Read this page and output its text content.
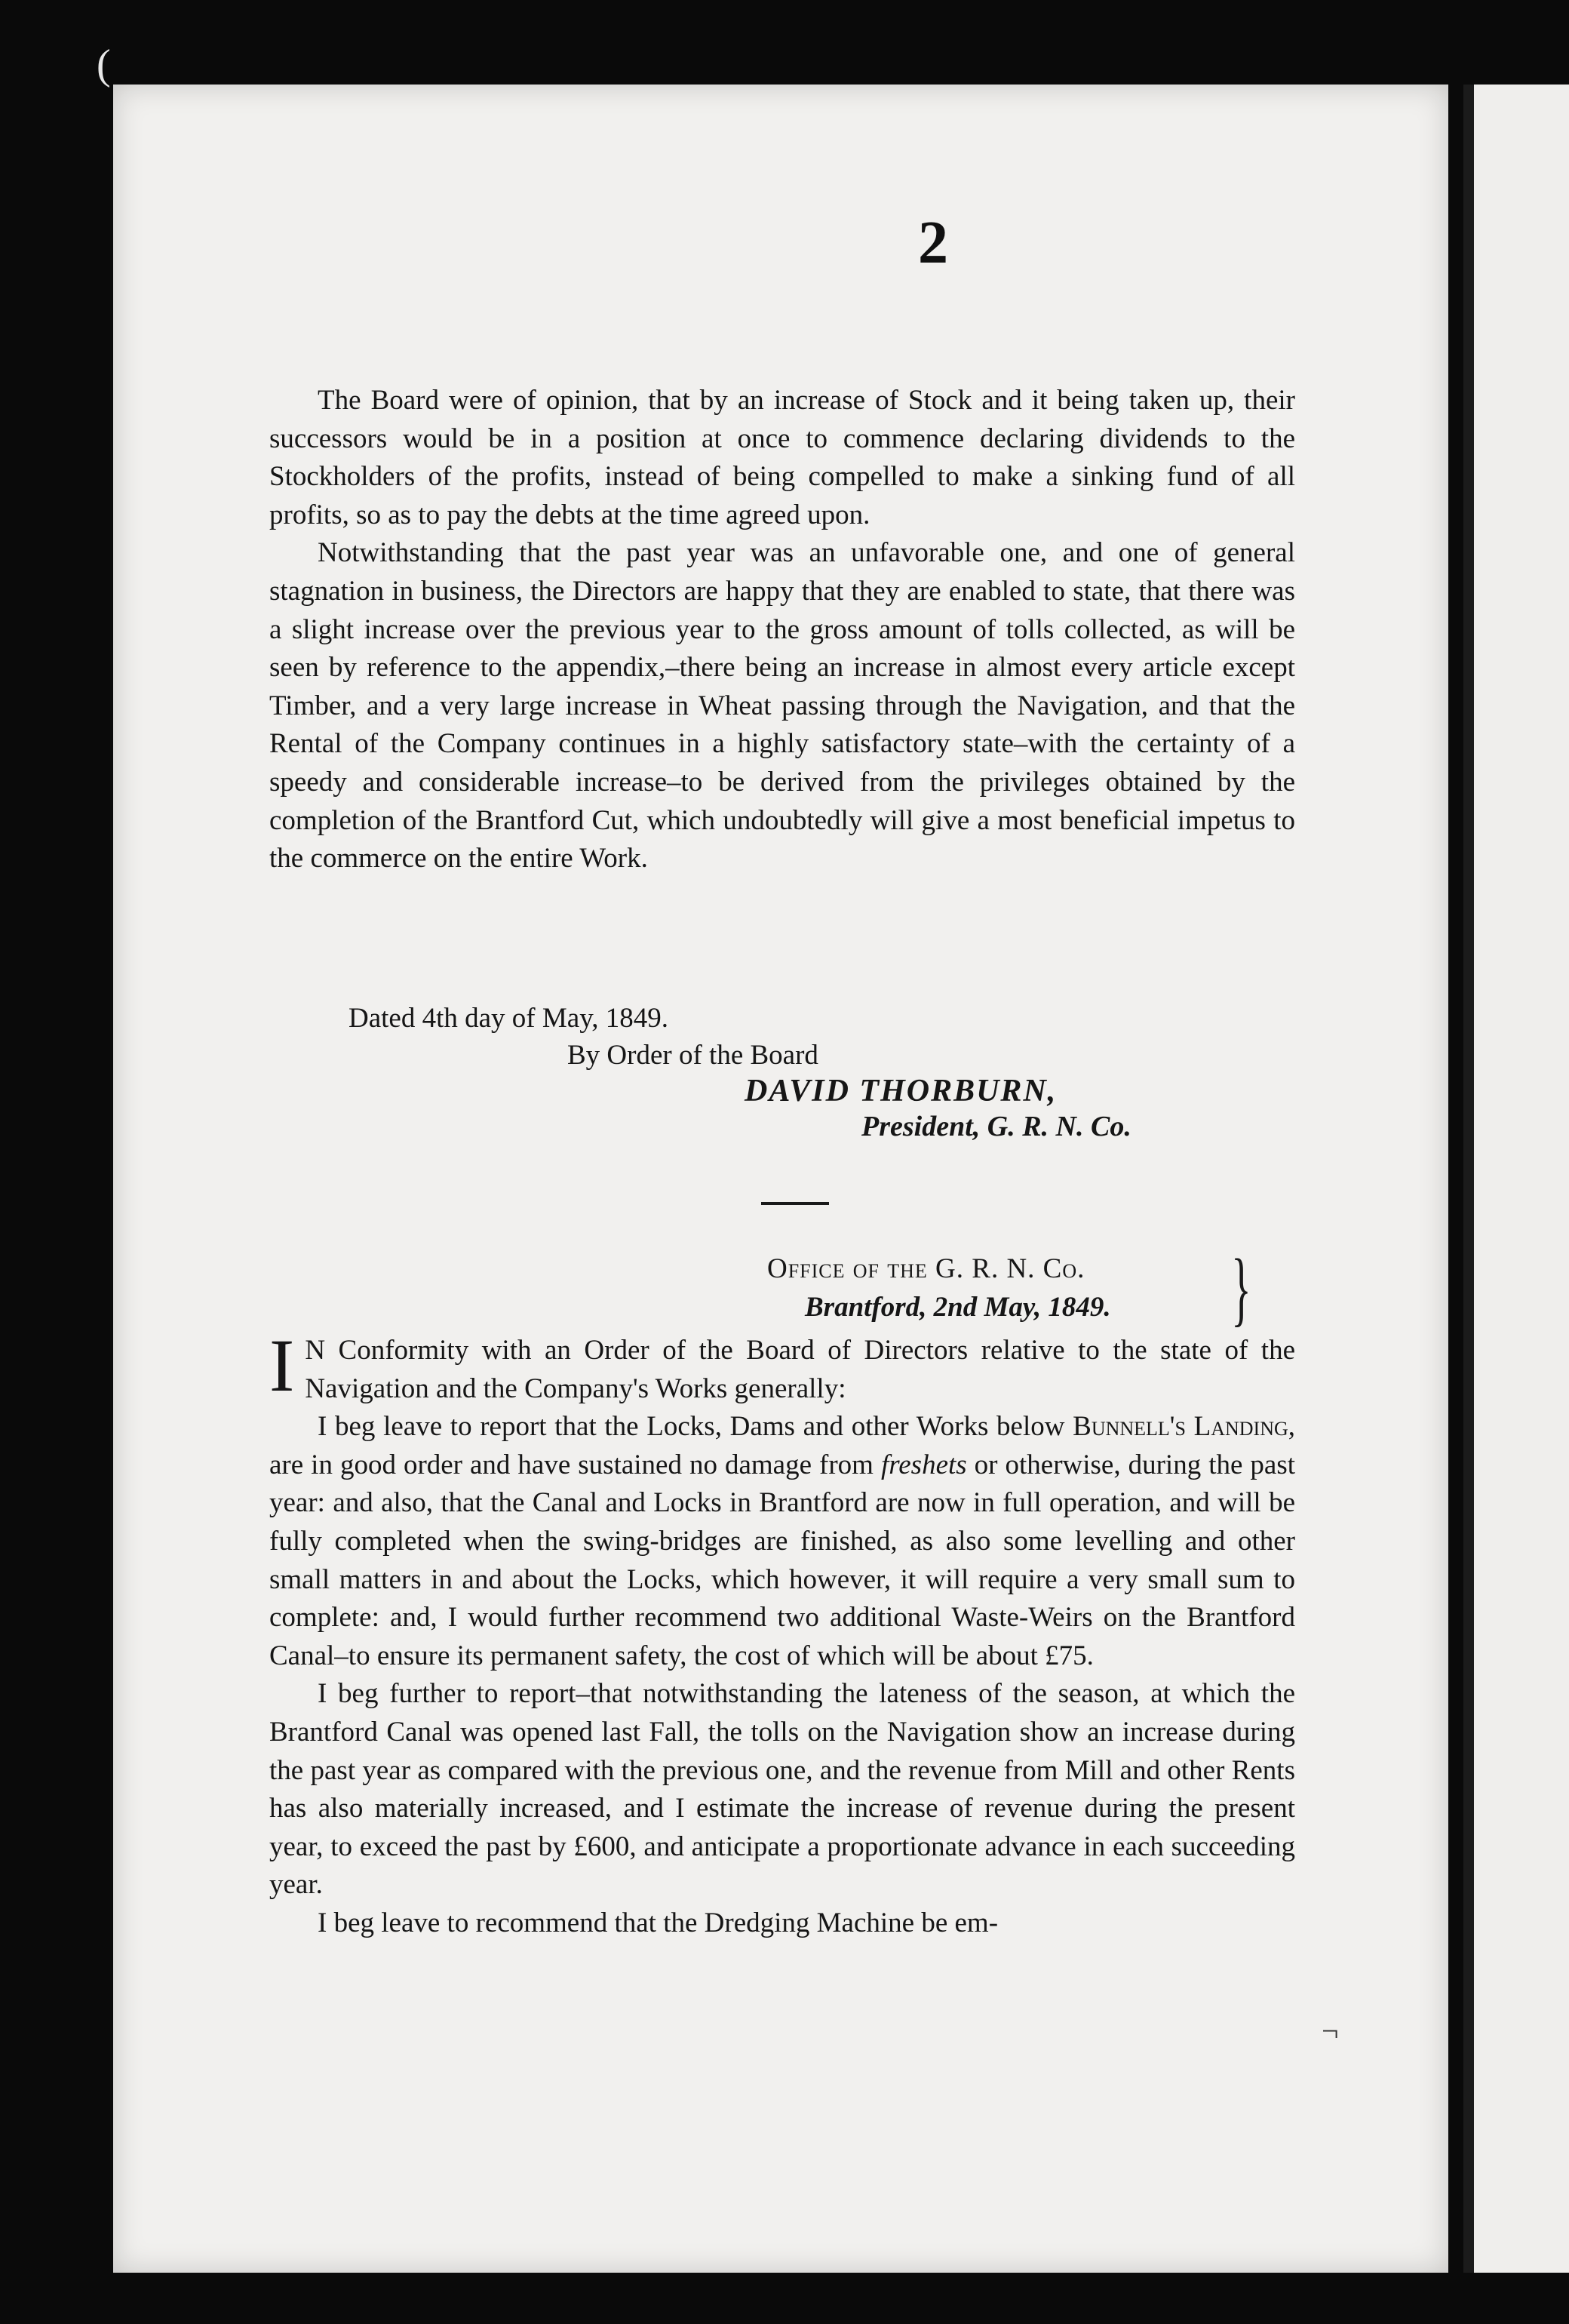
(
2

The Board were of opinion, that by an increase of Stock and it being taken up, their successors would be in a position at once to commence declaring dividends to the Stockholders of the profits, instead of being compelled to make a sinking fund of all profits, so as to pay the debts at the time agreed upon.

Notwithstanding that the past year was an unfavorable one, and one of general stagnation in business, the Directors are happy that they are enabled to state, that there was a slight increase over the previous year to the gross amount of tolls collected, as will be seen by reference to the appendix,–there being an increase in almost every article except Timber, and a very large increase in Wheat passing through the Navigation, and that the Rental of the Company continues in a highly satisfactory state–with the certainty of a speedy and considerable increase–to be derived from the privileges obtained by the completion of the Brantford Cut, which undoubtedly will give a most beneficial impetus to the commerce on the entire Work.

Dated 4th day of May, 1849.
By Order of the Board
DAVID THORBURN,
President, G. R. N. Co.
Office of the G. R. N. Co.
Brantford, 2nd May, 1849. }
I N Conformity with an Order of the Board of Directors relative to the state of the Navigation and the Company's Works generally:

I beg leave to report that the Locks, Dams and other Works below Bunnell's Landing, are in good order and have sustained no damage from freshets or otherwise, during the past year: and also, that the Canal and Locks in Brantford are now in full operation, and will be fully completed when the swing-bridges are finished, as also some levelling and other small matters in and about the Locks, which however, it will require a very small sum to complete: and, I would further recommend two additional Waste-Weirs on the Brantford Canal–to ensure its permanent safety, the cost of which will be about £75.

I beg further to report–that notwithstanding the lateness of the season, at which the Brantford Canal was opened last Fall, the tolls on the Navigation show an increase during the past year as compared with the previous one, and the revenue from Mill and other Rents has also materially increased, and I estimate the increase of revenue during the present year, to exceed the past by £600, and anticipate a proportionate advance in each succeeding year.

I beg leave to recommend that the Dredging Machine be em-

¬
